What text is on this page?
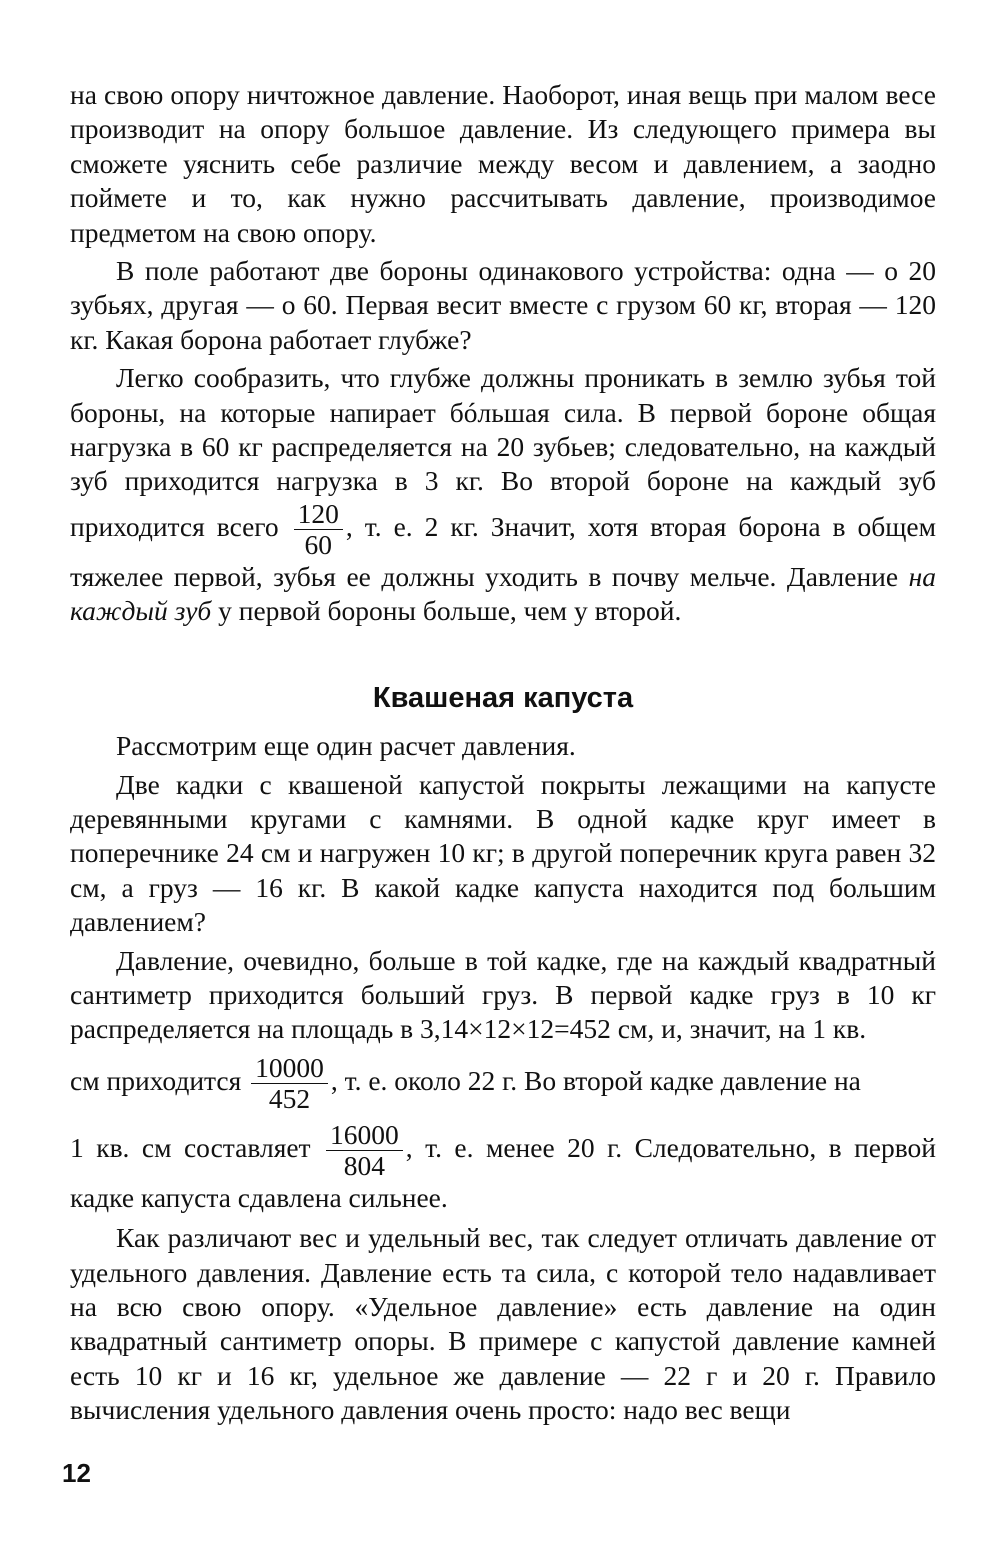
на свою опору ничтожное давление. Наоборот, иная вещь при малом весе производит на опору большое давление. Из следующего примера вы сможете уяснить себе различие между весом и давлением, а заодно поймете и то, как нужно рассчитывать давление, производимое предметом на свою опору.

В поле работают две бороны одинакового устройства: одна — о 20 зубьях, другая — о 60. Первая весит вместе с грузом 60 кг, вторая — 120 кг. Какая борона работает глубже?

Легко сообразить, что глубже должны проникать в землю зубья той бороны, на которые напирает бóльшая сила. В первой бороне общая нагрузка в 60 кг распределяется на 20 зубьев; следовательно, на каждый зуб приходится нагрузка в 3 кг. Во второй бороне на каждый зуб приходится всего $\frac{120}{60}$ , т. е. 2 кг. Значит, хотя вторая борона в общем тяжелее первой, зубья ее должны уходить в почву мельче. Давление на каждый зуб у первой бороны больше, чем у второй.

Квашеная капуста

Рассмотрим еще один расчет давления.

Две кадки с квашеной капустой покрыты лежащими на капусте деревянными кругами с камнями. В одной кадке круг имеет в поперечнике 24 см и нагружен 10 кг; в другой поперечник круга равен 32 см, а груз — 16 кг. В какой кадке капуста находится под большим давлением?

Давление, очевидно, больше в той кадке, где на каждый квадратный сантиметр приходится больший груз. В первой кадке груз в 10 кг распределяется на площадь в 3,14×12×12=452 см, и, значит, на 1 кв.

см приходится $\frac{10000}{452}$ , т. е. около 22 г. Во второй кадке давление на

1 кв. см составляет $\frac{16000}{804}$ , т. е. менее 20 г. Следовательно, в первой кадке капуста сдавлена сильнее.

Как различают вес и удельный вес, так следует отличать давление от удельного давления. Давление есть та сила, с которой тело надавливает на всю свою опору. «Удельное давление» есть давление на один квадратный сантиметр опоры. В примере с капустой давление камней есть 10 кг и 16 кг, удельное же давление — 22 г и 20 г. Правило вычисления удельного давления очень просто: надо вес вещи

12
